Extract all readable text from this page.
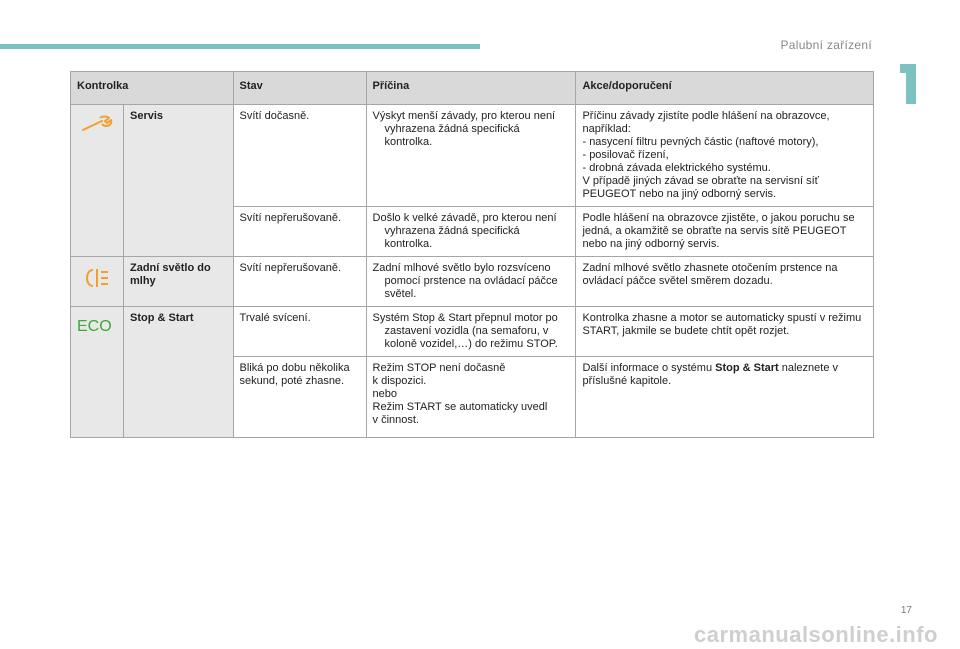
Palubní zařízení
Kontrolka		Stav	Příčina	Akce/doporučení
	Servis	Svítí dočasně.	Výskyt menší závady, pro kterou není vyhrazena žádná specifická kontrolka.	Příčinu závady zjistíte podle hlášení na obrazovce, například:
- nasycení filtru pevných částic (naftové motory),
- posilovač řízení,
- drobná závada elektrického systému.
V případě jiných závad se obraťte na servisní síť PEUGEOT nebo na jiný odborný servis.

		Svítí nepřerušovaně.	Došlo k velké závadě, pro kterou není vyhrazena žádná specifická kontrolka.	Podle hlášení na obrazovce zjistěte, o jakou poruchu se jedná, a okamžitě se obraťte na servis sítě PEUGEOT nebo na jiný odborný servis.
	Zadní světlo do mlhy	Svítí nepřerušovaně.	Zadní mlhové světlo bylo rozsvíceno pomocí prstence na ovládací páčce světel.	Zadní mlhové světlo zhasnete otočením prstence na ovládací páčce světel směrem dozadu.

ECO	Stop & Start	Trvalé svícení.	Systém Stop & Start přepnul motor po zastavení vozidla (na semaforu, v koloně vozidel,…) do režimu STOP.	Kontrolka zhasne a motor se automaticky spustí v režimu START, jakmile se budete chtít opět rozjet.
		Bliká po dobu několika sekund, poté zhasne.	Režim STOP není dočasně
k dispozici.
nebo
Režim START se automaticky uvedl
v činnost.	Další informace o systému Stop & Start naleznete v příslušné kapitole.
17
carmanualsonline.info
